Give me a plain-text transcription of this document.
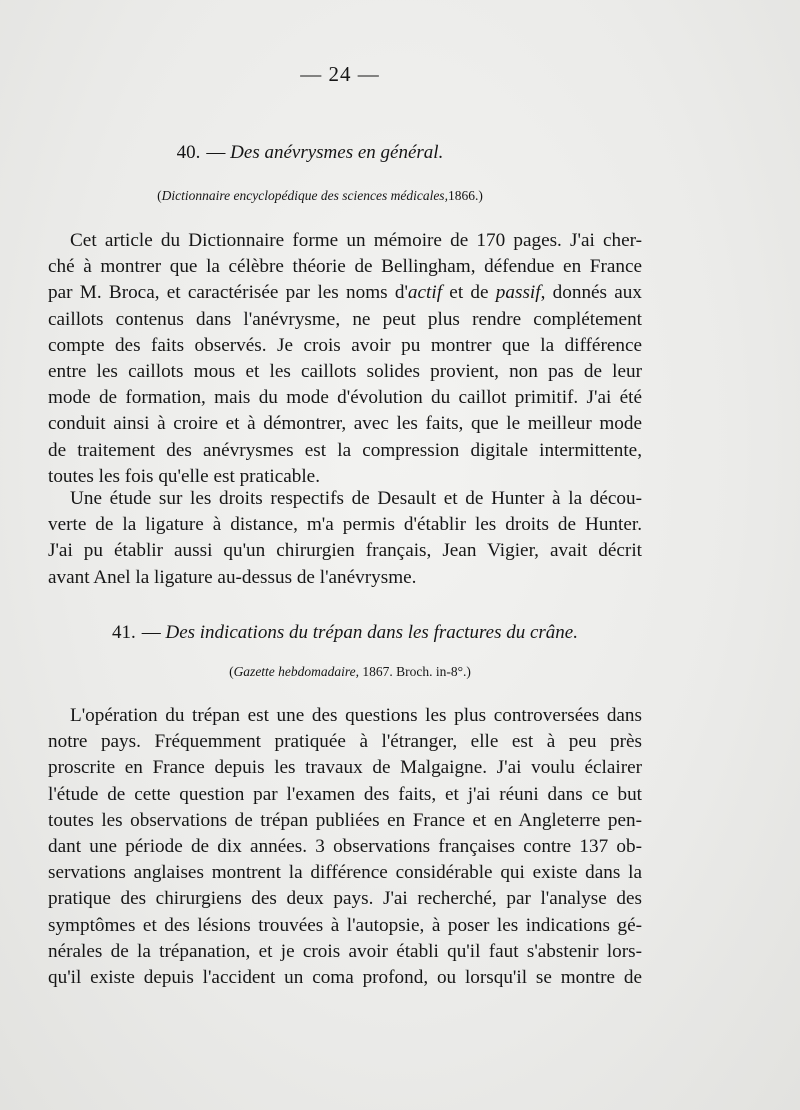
— 24 —
40. — Des anévrysmes en général.
(Dictionnaire encyclopédique des sciences médicales,1866.)
Cet article du Dictionnaire forme un mémoire de 170 pages. J'ai cher-
ché à montrer que la célèbre théorie de Bellingham, défendue en France
par M. Broca, et caractérisée par les noms d'actif et de passif, donnés aux
caillots contenus dans l'anévrysme, ne peut plus rendre complétement
compte des faits observés. Je crois avoir pu montrer que la différence
entre les caillots mous et les caillots solides provient, non pas de leur
mode de formation, mais du mode d'évolution du caillot primitif. J'ai été
conduit ainsi à croire et à démontrer, avec les faits, que le meilleur mode
de traitement des anévrysmes est la compression digitale intermittente,
toutes les fois qu'elle est praticable.
Une étude sur les droits respectifs de Desault et de Hunter à la décou-
verte de la ligature à distance, m'a permis d'établir les droits de Hunter.
J'ai pu établir aussi qu'un chirurgien français, Jean Vigier, avait décrit
avant Anel la ligature au-dessus de l'anévrysme.
41. — Des indications du trépan dans les fractures du crâne.
(Gazette hebdomadaire, 1867. Broch. in-8°.)
L'opération du trépan est une des questions les plus controversées dans
notre pays. Fréquemment pratiquée à l'étranger, elle est à peu près
proscrite en France depuis les travaux de Malgaigne. J'ai voulu éclairer
l'étude de cette question par l'examen des faits, et j'ai réuni dans ce but
toutes les observations de trépan publiées en France et en Angleterre pen-
dant une période de dix années. 3 observations françaises contre 137 ob-
servations anglaises montrent la différence considérable qui existe dans la
pratique des chirurgiens des deux pays. J'ai recherché, par l'analyse des
symptômes et des lésions trouvées à l'autopsie, à poser les indications gé-
nérales de la trépanation, et je crois avoir établi qu'il faut s'abstenir lors-
qu'il existe depuis l'accident un coma profond, ou lorsqu'il se montre de
